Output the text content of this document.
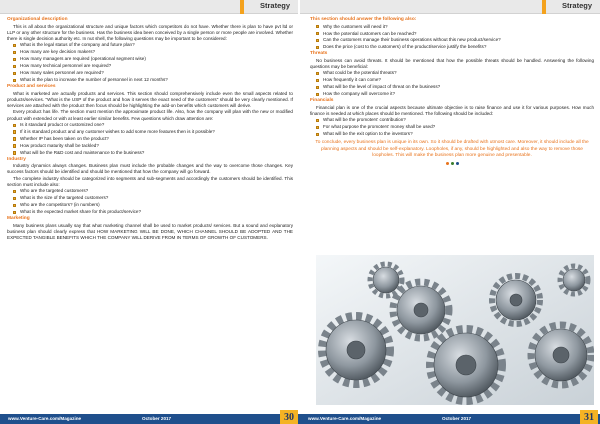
Strategy
Organizational description

This is all about the organizational structure and unique factors which competitors do not have. Whether there is plan to have pvt ltd or LLP or any other structure for the business. Has the business idea been conceived by a single person or more people are involved. Whether there is single decision authority etc. In nut shell, the following questions may be important to be considered:

What is the legal status of the company and future plan?
How many are key decision makers?
How many managers are required (operational segment wise)
How many technical personnel are required?
How many sales personnel are required?
What is the plan to increase the number of personnel in next 12 months?
Product and services

What is marketed are actually products and services. This section should comprehensively include even the small aspects related to products/services. "What is the USP of the product and how it serves the exact need of the customers" should be very clearly mentioned. If services are attached with the product then focus should be highlighting the add-on benefits which customers will derive.

Every product has life. The section must mention the approximate product life. Also, how the company will plan with the new or modified product with extended or with at least earlier similar benefits. Few questions which draw attention are:

Is it standard product or customized one?
If it is standard product and any customer wishes to add some more features then is it possible?
Whether IP has been taken on the product?
How product maturity shall be tackled?
What will be the R&D cost and maintenance to the business?
Industry

Industry dynamics always changes. Business plan must include the probable changes and the way to overcome those changes. Key success factors should be identified and should be mentioned that how the company will go forward.

The complete industry should be categorized into segments and sub-segments and accordingly the customers should be identified. This section must include also:

Who are the targeted customers?
What is the size of the targeted customers?
Who are the competitors? (in numbers)
What is the expected market share for this product/service?
Marketing

Many business plans usually say that what marketing channel shall be used to market products/ services. But a sound and explanatory business plan should clearly express that HOW MARKETING WILL BE DONE, WHICH CHANNEL SHOULD BE ADOPTED AND THE EXPECTED TANGIBLE BENEFITS WHICH THE COMPANY WILL DERIVE FROM IN TERMS OF GROWTH OF CUSTOMERS.

www.Venture-Care.com/Magazine	October 2017	30
Strategy
This section should answer the following also:
Why the customers will need it?
How the potential customers can be reached?
Can the customers manage their business operations without this new product/service?
Does the price (cost to the customers) of the product/service justify the benefits?
Threats

No business can avoid threats. It should be mentioned that how the possible threats should be handled. Answering the following questions may be beneficial:

What could be the potential threats?
How frequently it can come?
What will be the level of impact of threat on the business?
How the company will overcome it?
Financials

Financial plan is one of the crucial aspects because ultimate objective is to raise finance and use it for various purposes. How much finance is needed at which places should be mentioned. The following should be included:

What will be the promoters' contribution?
For what purpose the promoters' money shall be used?
What will be the exit option to the investors?

To conclude, every business plan is unique in its own. So it should be drafted with utmost care. Moreover, it should include all the planning aspects and should be self-explanatory. Loopholes, if any, should be highlighted and also the way to remove those loopholes. This will make the business plan more genuine and presentable.

www.Venture-Care.com/Magazine	October 2017	31
